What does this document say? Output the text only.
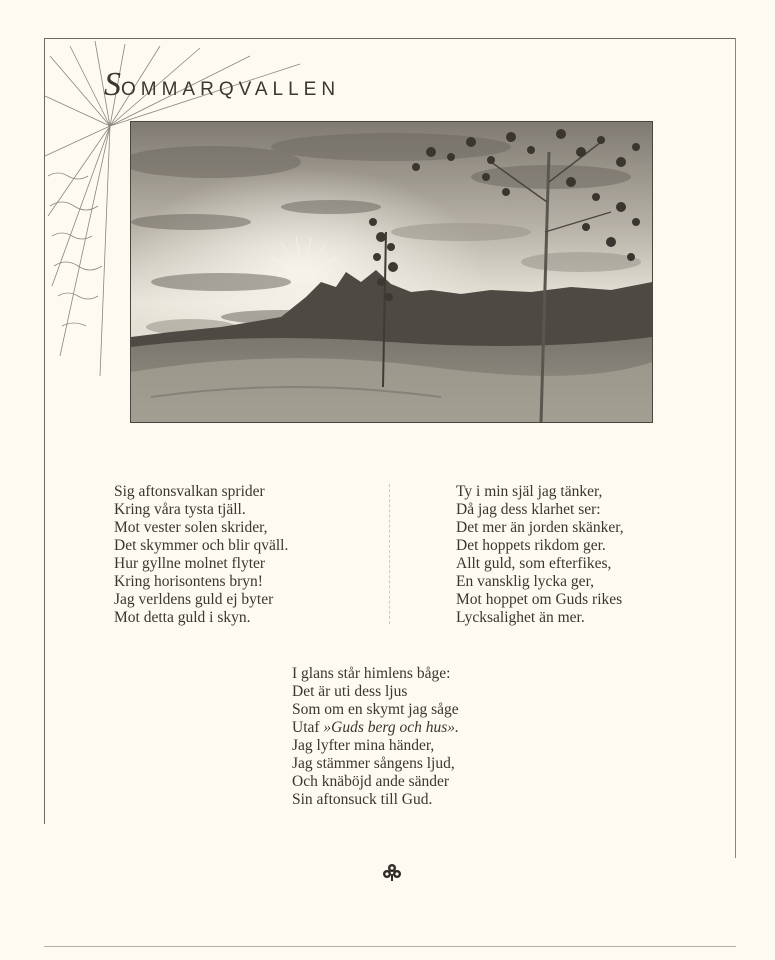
SOMMARQVALLEN
Sig aftonsvalkan sprider
Kring våra tysta tjäll.
Mot vester solen skrider,
Det skymmer och blir qväll.
Hur gyllne molnet flyter
Kring horisontens bryn!
Jag verldens guld ej byter
Mot detta guld i skyn.
Ty i min själ jag tänker,
Då jag dess klarhet ser:
Det mer än jorden skänker,
Det hoppets rikdom ger.
Allt guld, som efterfikes,
En vansklig lycka ger,
Mot hoppet om Guds rikes
Lycksalighet än mer.
I glans står himlens båge:
Det är uti dess ljus
Som om en skymt jag såge
Utaf »Guds berg och hus».
Jag lyfter mina händer,
Jag stämmer sångens ljud,
Och knäböjd ande sänder
Sin aftonsuck till Gud.
